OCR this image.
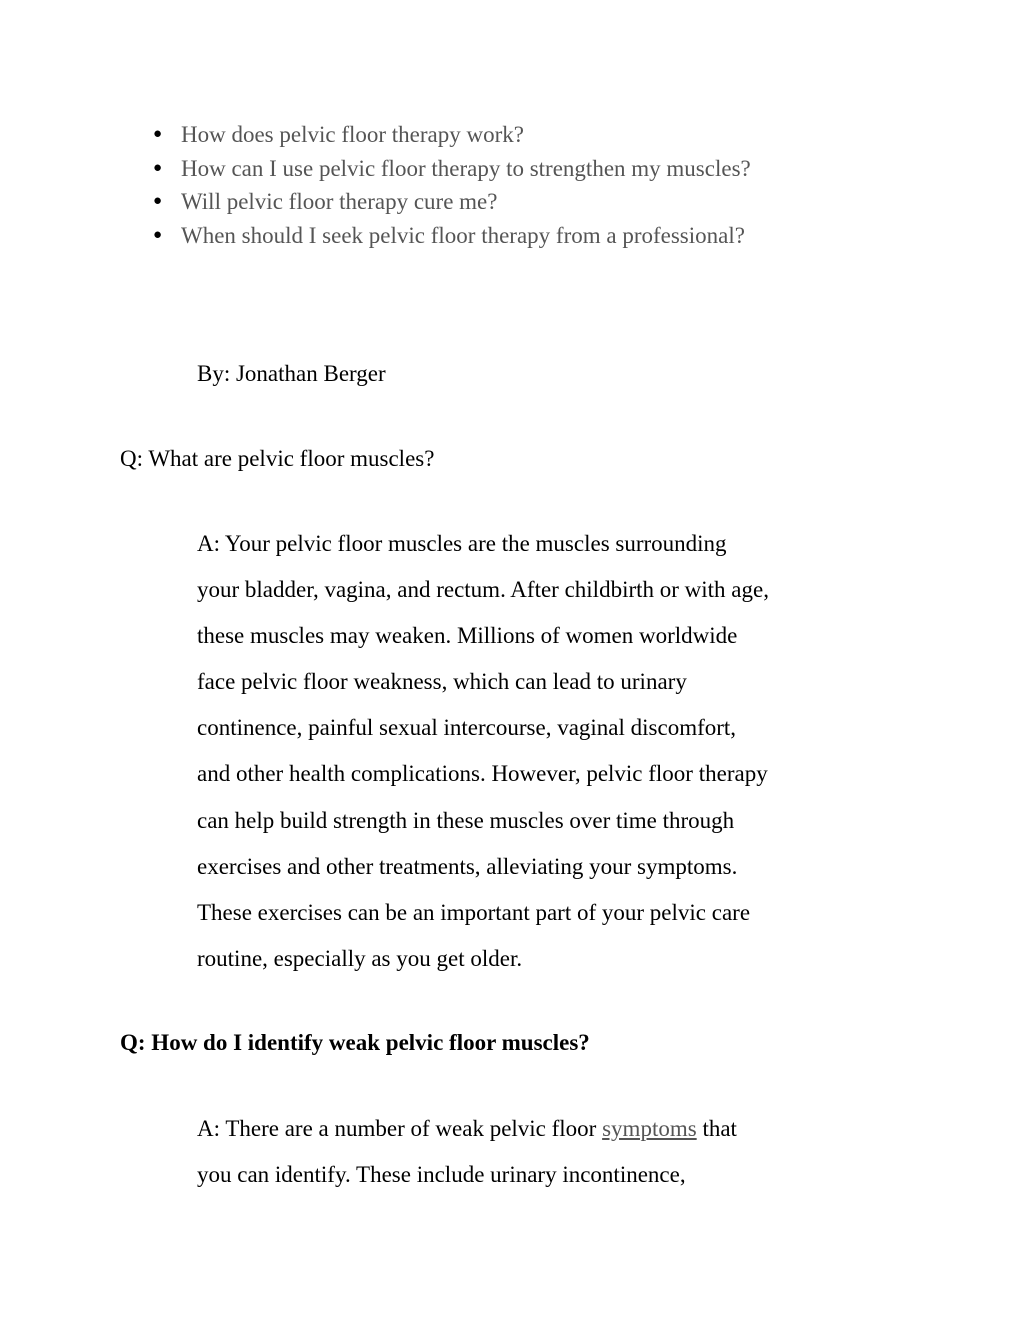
● How does pelvic floor therapy work?
● How can I use pelvic floor therapy to strengthen my muscles?
● Will pelvic floor therapy cure me?
● When should I seek pelvic floor therapy from a professional?
By: Jonathan Berger
Q: What are pelvic floor muscles?
A: Your pelvic floor muscles are the muscles surrounding
your bladder, vagina, and rectum. After childbirth or with age,
these muscles may weaken. Millions of women worldwide
face pelvic floor weakness, which can lead to urinary
continence, painful sexual intercourse, vaginal discomfort,
and other health complications. However, pelvic floor therapy
can help build strength in these muscles over time through
exercises and other treatments, alleviating your symptoms.
These exercises can be an important part of your pelvic care
routine, especially as you get older.
Q: How do I identify weak pelvic floor muscles?
A: There are a number of weak pelvic floor symptoms that
you can identify. These include urinary incontinence,
